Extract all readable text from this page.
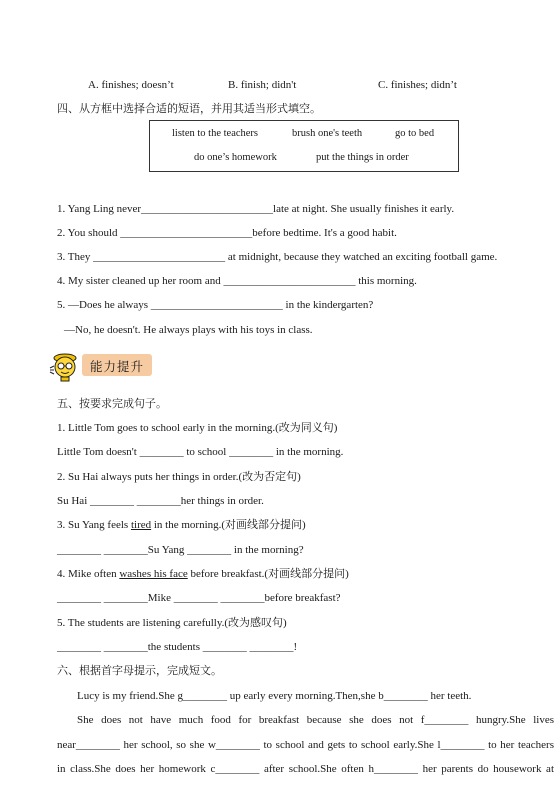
A. finishes; doesn’t	B. finish; didn't	C. finishes; didn’t
四、从方框中选择合适的短语，并用其适当形式填空。
listen to the teachers	brush one's teeth	go to bed
do one’s homework	put the things in order
1. Yang Ling never________________________late at night. She usually finishes it early.
2. You should ________________________before bedtime. It's a good habit.
3. They ________________________ at midnight, because they watched an exciting football game.
4. My sister cleaned up her room and ________________________ this morning.
5. —Does he always ________________________ in the kindergarten?
—No, he doesn't. He always plays with his toys in class.
能力提升
五、按要求完成句子。
1. Little Tom goes to school early in the morning.(改为同义句)
Little Tom doesn't ________ to school ________ in the morning.
2. Su Hai always puts her things in order.(改为否定句)
Su Hai ________ ________her things in order.
3. Su Yang feels tired in the morning.(对画线部分提问)
________ ________Su Yang ________ in the morning?
4. Mike often washes his face before breakfast.(对画线部分提问)
________ ________Mike ________ ________before breakfast?
5. The students are listening carefully.(改为感叹句)
________ ________the students ________ ________!
六、根据首字母提示，完成短文。
Lucy is my friend.She g________ up early every morning.Then,she b________ her teeth.
She does not have much food for breakfast because she does not f________ hungry.She lives
near________ her school, so she w________ to school and gets to school early.She l________ to her teachers
in class.She does her homework c________ after school.She often h________ her parents do housework at
